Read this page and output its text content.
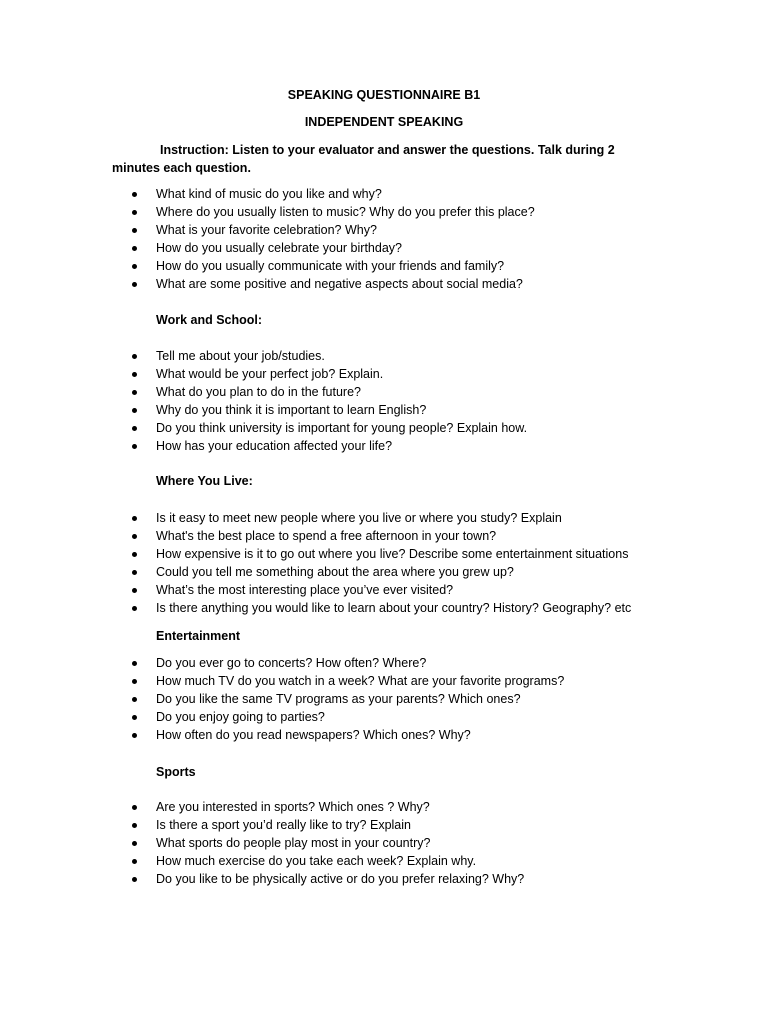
SPEAKING QUESTIONNAIRE B1
INDEPENDENT SPEAKING
Instruction: Listen to your evaluator and answer the questions. Talk during 2 minutes each question.
What kind of music do you like and why?
Where do you usually listen to music? Why do you prefer this place?
What is your favorite celebration? Why?
How do you usually celebrate your birthday?
How do you usually communicate with your friends and family?
What are some positive and negative aspects about social media?
Work and School:
Tell me about your job/studies.
What would be your perfect job? Explain.
What do you plan to do in the future?
Why do you think it is important to learn English?
Do you think university is important for young people? Explain how.
How has your education affected your life?
Where You Live:
Is it easy to meet new people where you live or where you study? Explain
What's the best place to spend a free afternoon in your town?
How expensive is it to go out where you live? Describe some entertainment situations
Could you tell me something about the area where you grew up?
What’s the most interesting place you’ve ever visited?
Is there anything you would like to learn about your country? History? Geography? etc
Entertainment
Do you ever go to concerts? How often? Where?
How much TV do you watch in a week? What are your favorite programs?
Do you like the same TV programs as your parents? Which ones?
Do you enjoy going to parties?
How often do you read newspapers? Which ones? Why?
Sports
Are you interested in sports? Which ones ? Why?
Is there a sport you’d really like to try? Explain
What sports do people play most in your country?
How much exercise do you take each week? Explain why.
Do you like to be physically active or do you prefer relaxing? Why?
